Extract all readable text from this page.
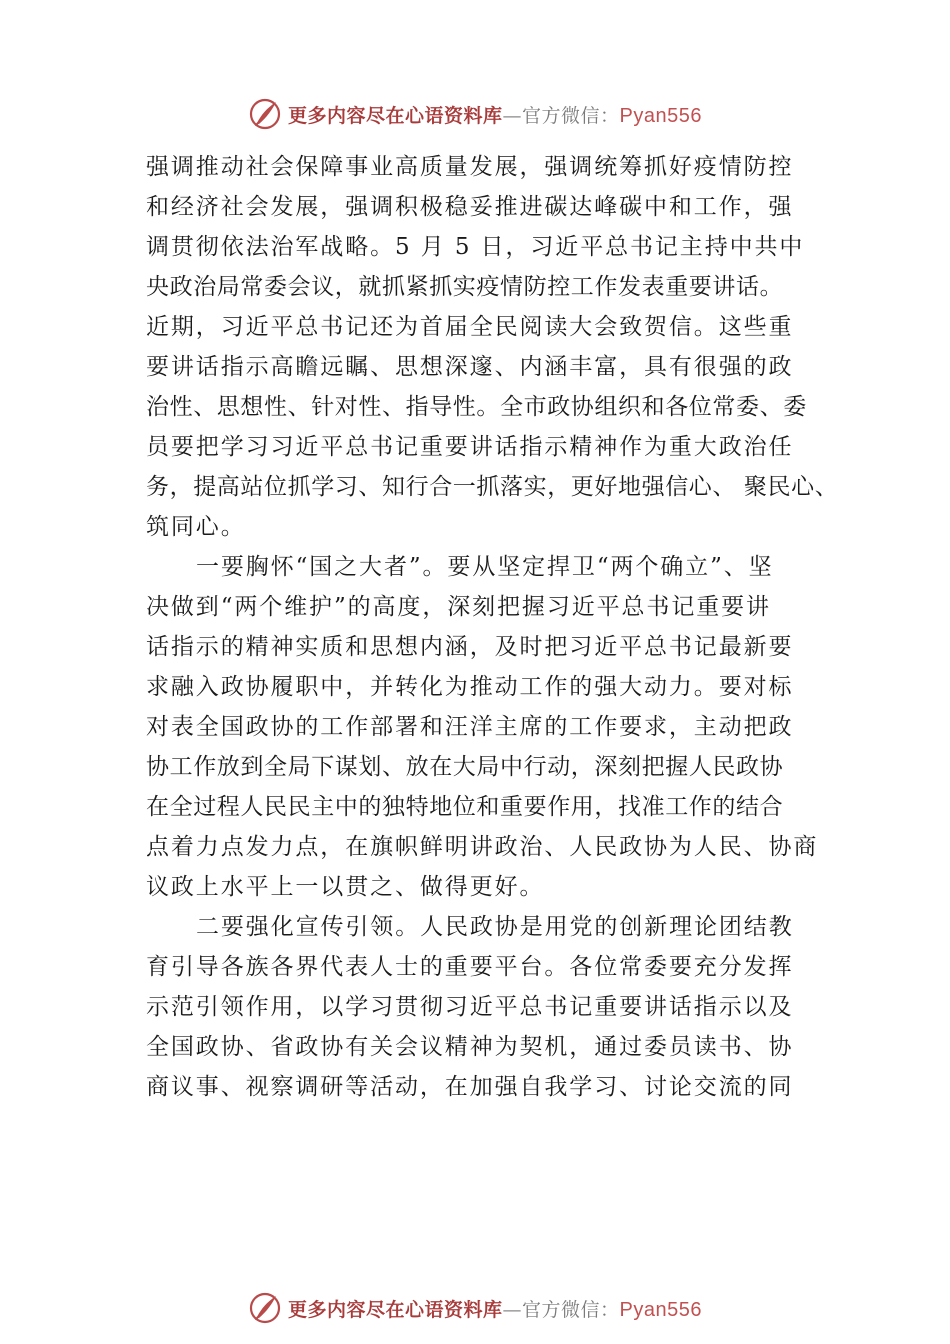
更多内容尽在心语资料库—官方微信：Pyan556
强调推动社会保障事业高质量发展，强调统筹抓好疫情防控
和经济社会发展，强调积极稳妥推进碳达峰碳中和工作，强
调贯彻依法治军战略。5 月 5 日，习近平总书记主持中共中
央政治局常委会议，就抓紧抓实疫情防控工作发表重要讲话。
近期，习近平总书记还为首届全民阅读大会致贺信。这些重
要讲话指示高瞻远瞩、思想深邃、内涵丰富，具有很强的政
治性、思想性、针对性、指导性。全市政协组织和各位常委、委
员要把学习习近平总书记重要讲话指示精神作为重大政治任
务，提高站位抓学习、知行合一抓落实，更好地强信心、 聚民心、
筑同心。
一要胸怀“国之大者”。要从坚定捍卫“两个确立”、坚
决做到“两个维护”的高度，深刻把握习近平总书记重要讲
话指示的精神实质和思想内涵，及时把习近平总书记最新要
求融入政协履职中，并转化为推动工作的强大动力。要对标
对表全国政协的工作部署和汪洋主席的工作要求，主动把政
协工作放到全局下谋划、放在大局中行动，深刻把握人民政协
在全过程人民民主中的独特地位和重要作用，找准工作的结合
点着力点发力点，在旗帜鲜明讲政治、人民政协为人民、协商
议政上水平上一以贯之、做得更好。
二要强化宣传引领。人民政协是用党的创新理论团结教
育引导各族各界代表人士的重要平台。各位常委要充分发挥
示范引领作用，以学习贯彻习近平总书记重要讲话指示以及
全国政协、省政协有关会议精神为契机，通过委员读书、协
商议事、视察调研等活动，在加强自我学习、讨论交流的同
更多内容尽在心语资料库—官方微信：Pyan556
